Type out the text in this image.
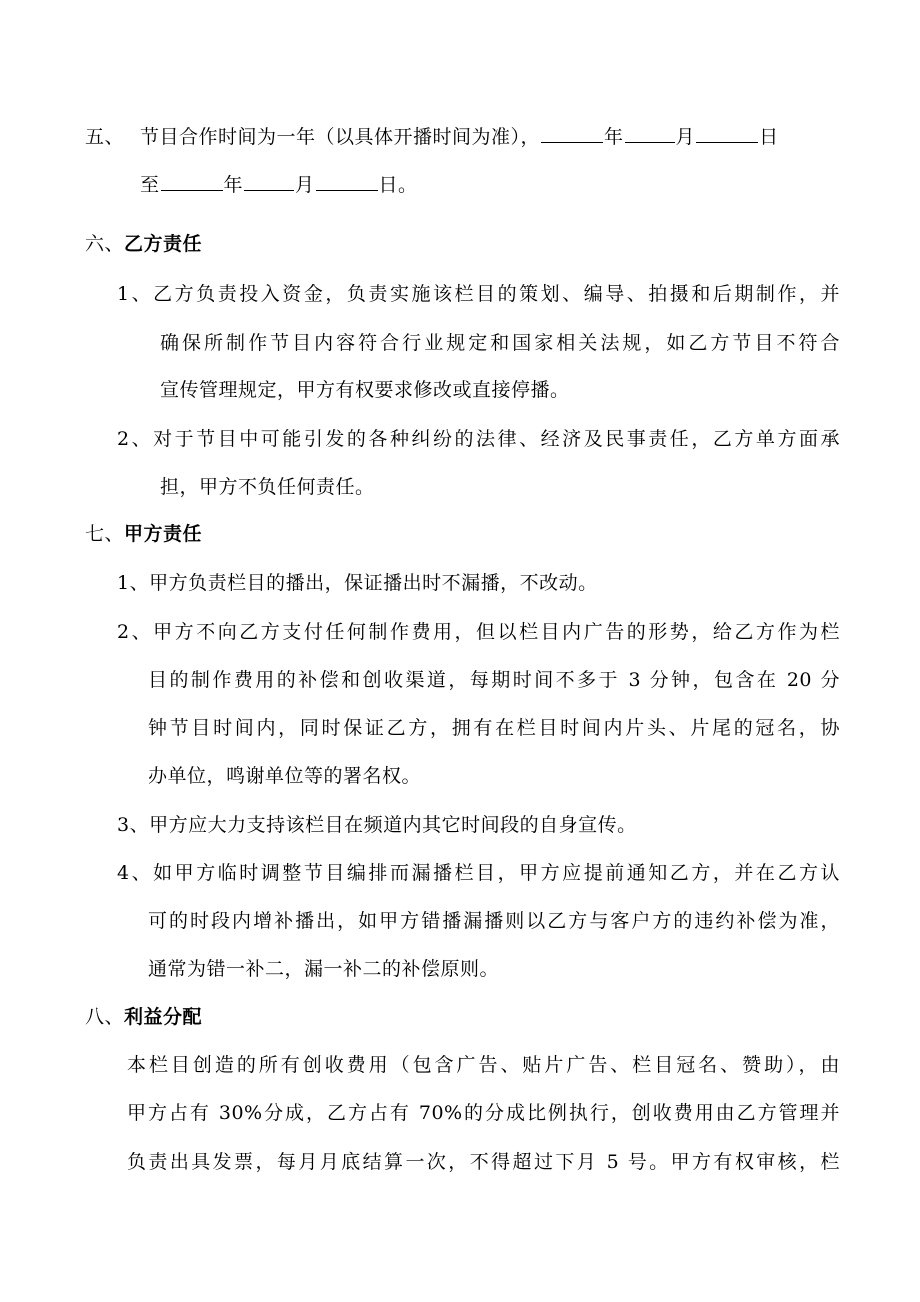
五、 节目合作时间为一年（以具体开播时间为准），	年	月	日
至	年	月	日。
六、乙方责任
1、乙方负责投入资金，负责实施该栏目的策划、编导、拍摄和后期制作，并
确保所制作节目内容符合行业规定和国家相关法规，如乙方节目不符合
宣传管理规定，甲方有权要求修改或直接停播。
2、对于节目中可能引发的各种纠纷的法律、经济及民事责任，乙方单方面承
担，甲方不负任何责任。
七、甲方责任
1、甲方负责栏目的播出，保证播出时不漏播，不改动。
2、甲方不向乙方支付任何制作费用，但以栏目内广告的形势，给乙方作为栏
目的制作费用的补偿和创收渠道，每期时间不多于 3 分钟，包含在 20 分
钟节目时间内，同时保证乙方，拥有在栏目时间内片头、片尾的冠名，协
办单位，鸣谢单位等的署名权。
3、甲方应大力支持该栏目在频道内其它时间段的自身宣传。
4、如甲方临时调整节目编排而漏播栏目，甲方应提前通知乙方，并在乙方认
可的时段内增补播出，如甲方错播漏播则以乙方与客户方的违约补偿为准，
通常为错一补二，漏一补二的补偿原则。
八、利益分配
本栏目创造的所有创收费用（包含广告、贴片广告、栏目冠名、赞助），由
甲方占有 30%分成，乙方占有 70%的分成比例执行，创收费用由乙方管理并
负责出具发票，每月月底结算一次，不得超过下月 5 号。甲方有权审核，栏
